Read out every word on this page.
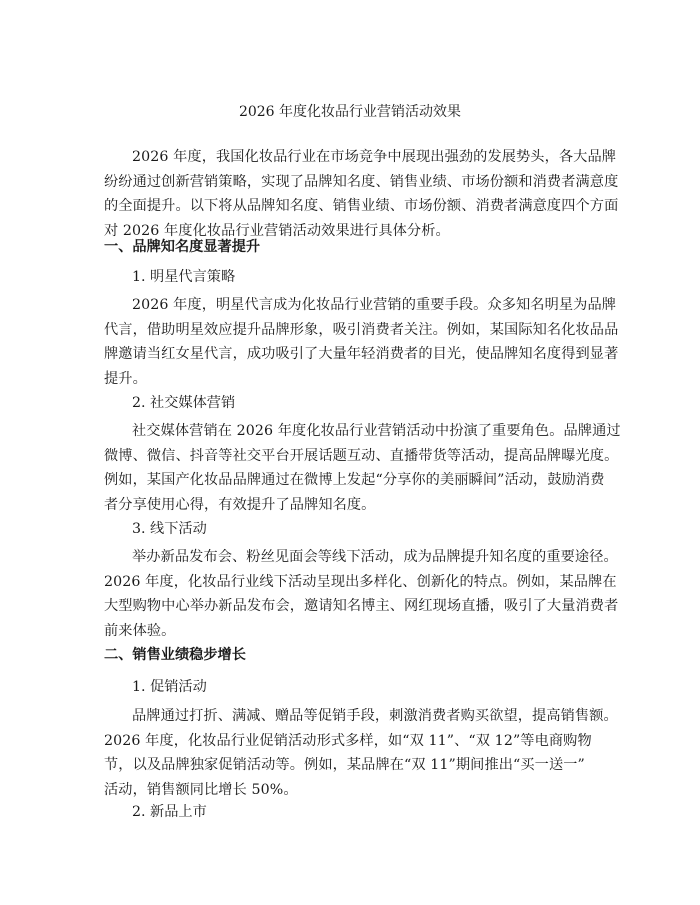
2026 年度化妆品行业营销活动效果
2026 年度，我国化妆品行业在市场竞争中展现出强劲的发展势头，各大品牌
纷纷通过创新营销策略，实现了品牌知名度、销售业绩、市场份额和消费者满意度
的全面提升。以下将从品牌知名度、销售业绩、市场份额、消费者满意度四个方面
对 2026 年度化妆品行业营销活动效果进行具体分析。
一、品牌知名度显著提升
1. 明星代言策略
2026 年度，明星代言成为化妆品行业营销的重要手段。众多知名明星为品牌
代言，借助明星效应提升品牌形象，吸引消费者关注。例如，某国际知名化妆品品
牌邀请当红女星代言，成功吸引了大量年轻消费者的目光，使品牌知名度得到显著
提升。
2. 社交媒体营销
社交媒体营销在 2026 年度化妆品行业营销活动中扮演了重要角色。品牌通过
微博、微信、抖音等社交平台开展话题互动、直播带货等活动，提高品牌曝光度。
例如，某国产化妆品品牌通过在微博上发起“分享你的美丽瞬间”活动，鼓励消费
者分享使用心得，有效提升了品牌知名度。
3. 线下活动
举办新品发布会、粉丝见面会等线下活动，成为品牌提升知名度的重要途径。
2026 年度，化妆品行业线下活动呈现出多样化、创新化的特点。例如，某品牌在
大型购物中心举办新品发布会，邀请知名博主、网红现场直播，吸引了大量消费者
前来体验。
二、销售业绩稳步增长
1. 促销活动
品牌通过打折、满减、赠品等促销手段，刺激消费者购买欲望，提高销售额。
2026 年度，化妆品行业促销活动形式多样，如“双 11”、“双 12”等电商购物
节，以及品牌独家促销活动等。例如，某品牌在“双 11”期间推出“买一送一”
活动，销售额同比增长 50%。
2. 新品上市
